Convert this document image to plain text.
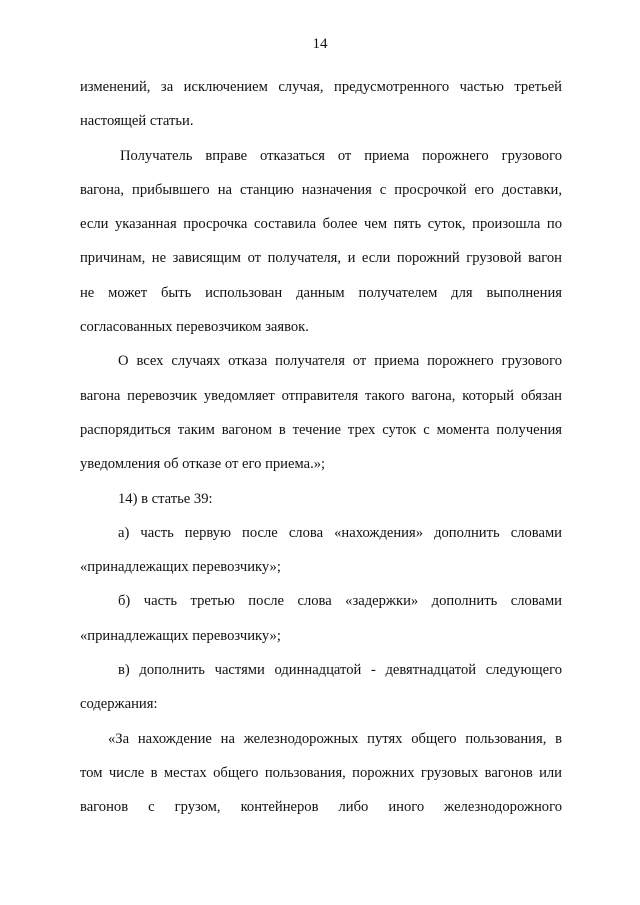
14
изменений, за исключением случая, предусмотренного частью третьей
настоящей статьи.
Получатель вправе отказаться от приема порожнего грузового
вагона, прибывшего на станцию назначения с просрочкой его доставки,
если указанная просрочка составила более чем пять суток, произошла по
причинам, не зависящим от получателя, и если порожний грузовой вагон
не может быть использован данным получателем для выполнения
согласованных перевозчиком заявок.
О всех случаях отказа получателя от приема порожнего грузового
вагона перевозчик уведомляет отправителя такого вагона, который обязан
распорядиться таким вагоном в течение трех суток с момента получения
уведомления об отказе от его приема.»;
14) в статье 39:
а) часть первую после слова «нахождения» дополнить словами
«принадлежащих перевозчику»;
б) часть третью после слова «задержки» дополнить словами
«принадлежащих перевозчику»;
в) дополнить частями одиннадцатой - девятнадцатой следующего
содержания:
«За нахождение на железнодорожных путях общего пользования, в
том числе в местах общего пользования, порожних грузовых вагонов или
вагонов с грузом, контейнеров либо иного железнодорожного
